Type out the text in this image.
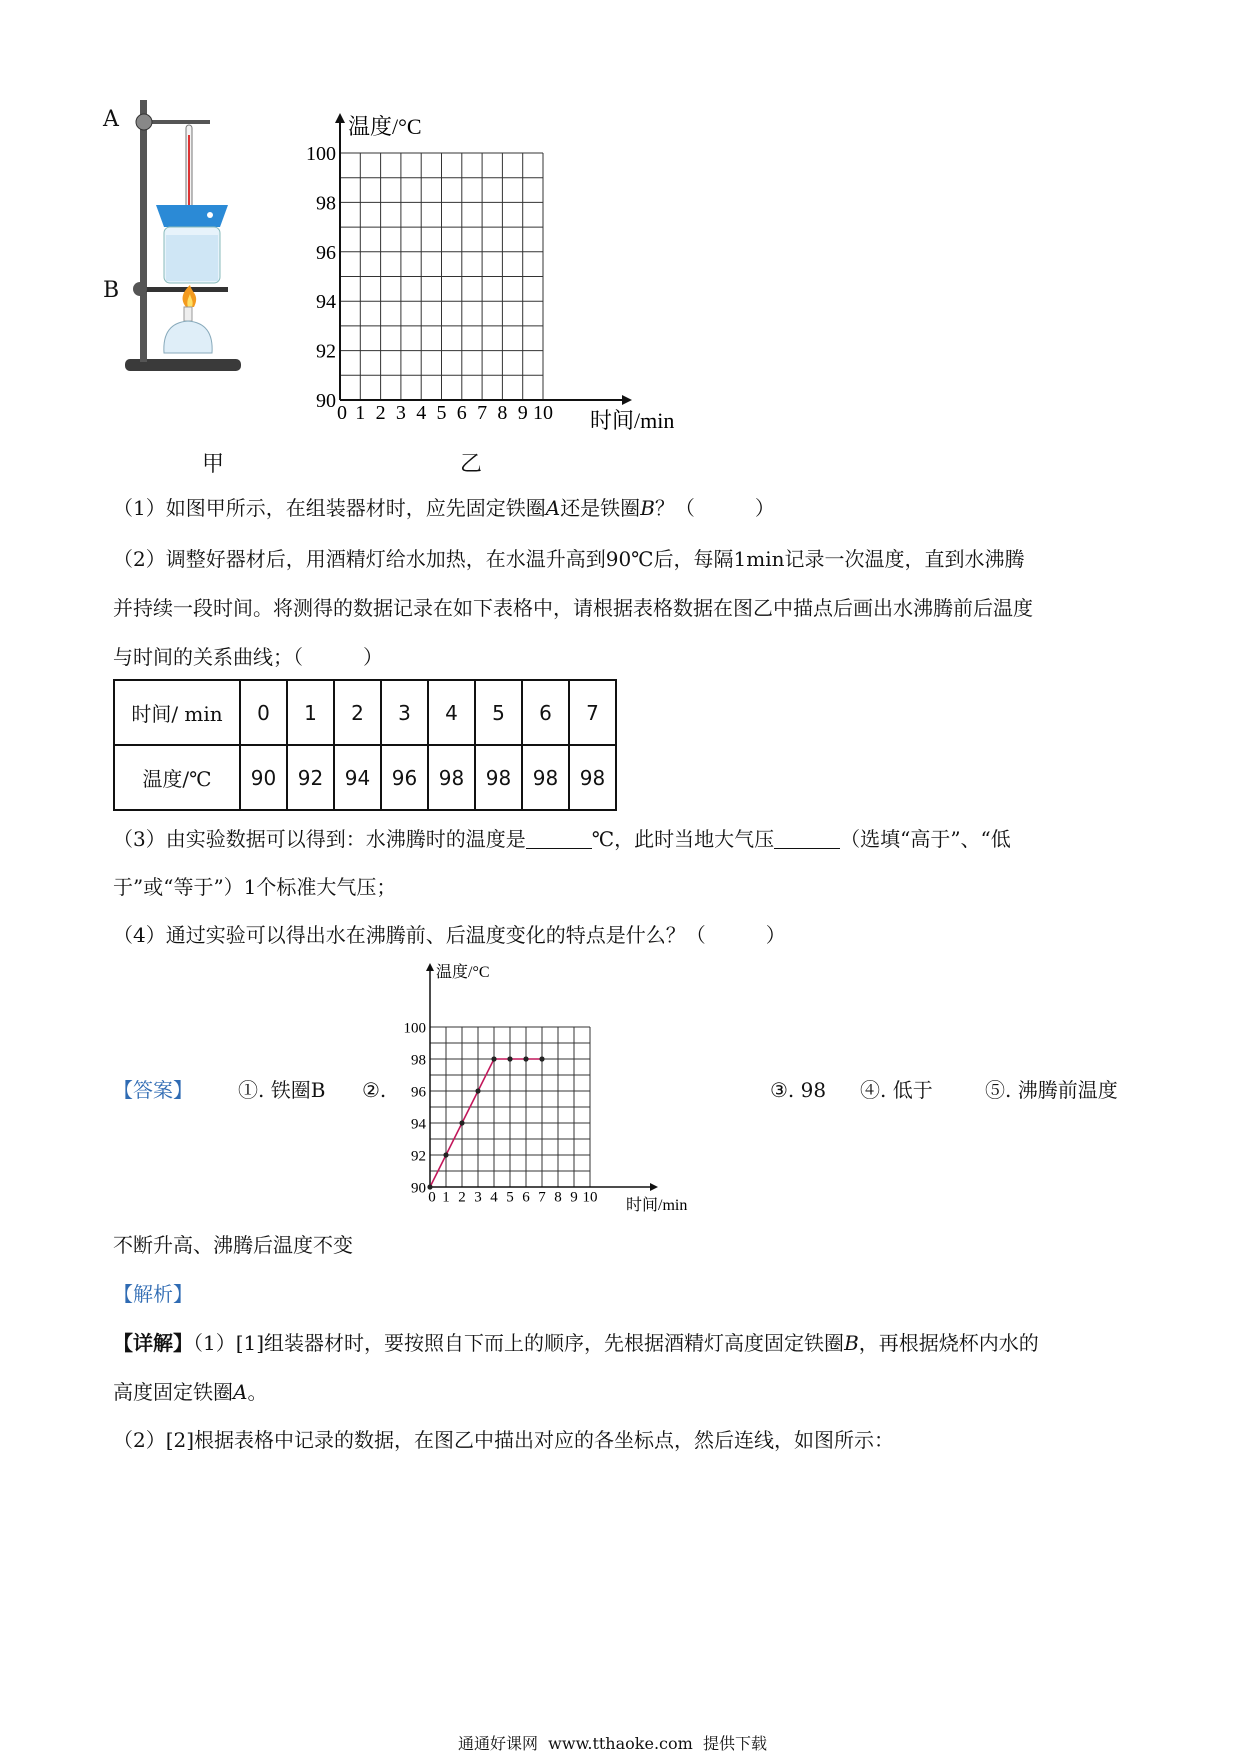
A
B
甲
温度/°C
时间/min
100
98
96
94
92
90
0 1 2 3 4 5 6 7 8 9 10
乙
（1）如图甲所示，在组装器材时，应先固定铁圈A还是铁圈B？（　　　）
（2）调整好器材后，用酒精灯给水加热，在水温升高到90℃后，每隔1min记录一次温度，直到水沸腾
并持续一段时间。将测得的数据记录在如下表格中，请根据表格数据在图乙中描点后画出水沸腾前后温度
与时间的关系曲线；（　　　）
时间/ min	0	1	2	3	4	5	6	7
温度/℃	90	92	94	96	98	98	98	98
（3）由实验数据可以得到：水沸腾时的温度是	℃，此时当地大气压	（选填“高于”、“低
于”或“等于”）1个标准大气压；
（4）通过实验可以得出水在沸腾前、后温度变化的特点是什么？（　　　）
【答案】 ①. 铁圈B ②.	③. 98 ④. 低于	⑤. 沸腾前温度
不断升高、沸腾后温度不变
温度/°C
时间/min
100
98
96
94
92
90
0 1 2 3 4 5 6 7 8 9 10
【解析】
【详解】（1）[1]组装器材时，要按照自下而上的顺序，先根据酒精灯高度固定铁圈B，再根据烧杯内水的
高度固定铁圈A。
（2）[2]根据表格中记录的数据，在图乙中描出对应的各坐标点，然后连线，如图所示：
通通好课网  www.tthaoke.com  提供下载
